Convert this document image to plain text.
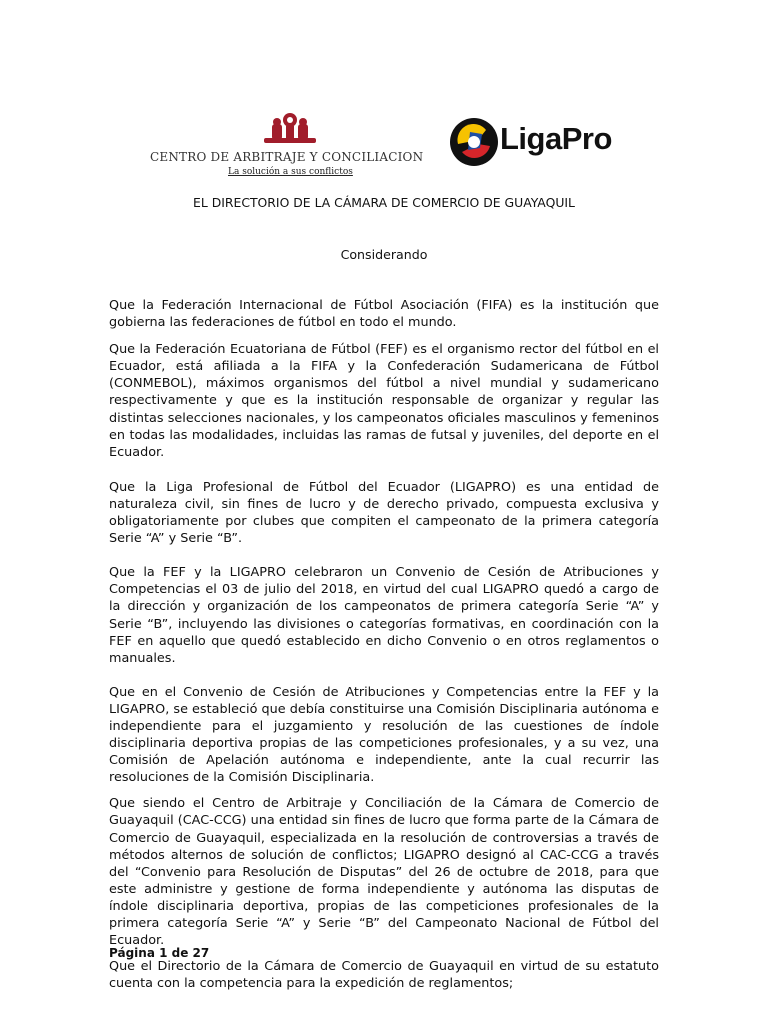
CENTRO DE ARBITRAJE Y CONCILIACION
La solución a sus conflictos
LigaPro
EL DIRECTORIO DE LA CÁMARA DE COMERCIO DE GUAYAQUIL
Considerando

Que la Federación Internacional de Fútbol Asociación (FIFA) es la institución que gobierna las federaciones de fútbol en todo el mundo.

Que la Federación Ecuatoriana de Fútbol (FEF) es el organismo rector del fútbol en el Ecuador, está afiliada a la FIFA y la Confederación Sudamericana de Fútbol (CONMEBOL), máximos organismos del fútbol a nivel mundial y sudamericano respectivamente y que es la institución responsable de organizar y regular las distintas selecciones nacionales, y los campeonatos oficiales masculinos y femeninos en todas las modalidades, incluidas las ramas de futsal y juveniles, del deporte en el Ecuador.

Que la Liga Profesional de Fútbol del Ecuador (LIGAPRO) es una entidad de naturaleza civil, sin fines de lucro y de derecho privado, compuesta exclusiva y obligatoriamente por clubes que compiten el campeonato de la primera categoría Serie “A” y Serie “B”.

Que la FEF y la LIGAPRO celebraron un Convenio de Cesión de Atribuciones y Competencias el 03 de julio del 2018, en virtud del cual LIGAPRO quedó a cargo de la dirección y organización de los campeonatos de primera categoría Serie “A” y Serie “B”, incluyendo las divisiones o categorías formativas, en coordinación con la FEF en aquello que quedó establecido en dicho Convenio o en otros reglamentos o manuales.

Que en el Convenio de Cesión de Atribuciones y Competencias entre la FEF y la LIGAPRO, se estableció que debía constituirse una Comisión Disciplinaria autónoma e independiente para el juzgamiento y resolución de las cuestiones de índole disciplinaria deportiva propias de las competiciones profesionales, y a su vez, una Comisión de Apelación autónoma e independiente, ante la cual recurrir las resoluciones de la Comisión Disciplinaria.

Que siendo el Centro de Arbitraje y Conciliación de la Cámara de Comercio de Guayaquil (CAC-CCG) una entidad sin fines de lucro que forma parte de la Cámara de Comercio de Guayaquil, especializada en la resolución de controversias a través de métodos alternos de solución de conflictos; LIGAPRO designó al CAC-CCG a través del “Convenio para Resolución de Disputas” del 26 de octubre de 2018, para que este administre y gestione de forma independiente y autónoma las disputas de índole disciplinaria deportiva, propias de las competiciones profesionales de la primera categoría Serie “A” y Serie “B” del Campeonato Nacional de Fútbol del Ecuador.

Que el Directorio de la Cámara de Comercio de Guayaquil en virtud de su estatuto cuenta con la competencia para la expedición de reglamentos;

Página 1 de 27
